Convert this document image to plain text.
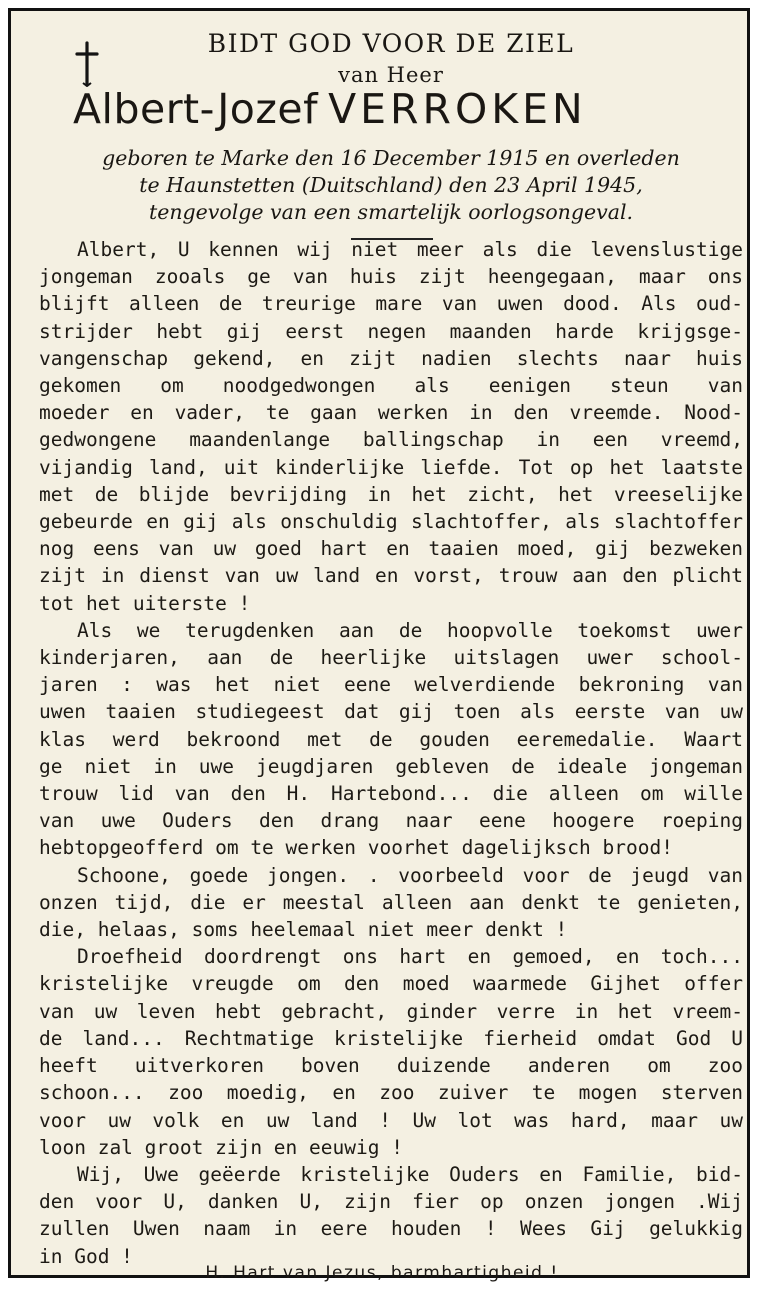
BIDT GOD VOOR DE ZIEL
van Heer
Albert-Jozef VERROKEN
geboren te Marke den 16 December 1915 en overleden
te Haunstetten (Duitschland) den 23 April 1945,
tengevolge van een smartelijk oorlogsongeval.
Albert, U kennen wij niet meer als die levenslustige
jongeman zooals ge van huis zijt heengegaan, maar ons
blijft alleen de treurige mare van uwen dood. Als oud-
strijder hebt gij eerst negen maanden harde krijgsge-
vangenschap gekend, en zijt nadien slechts naar huis
gekomen om noodgedwongen als eenigen steun van
moeder en vader, te gaan werken in den vreemde. Nood-
gedwongene maandenlange ballingschap in een vreemd,
vijandig land, uit kinderlijke liefde. Tot op het laatste
met de blijde bevrijding in het zicht, het vreeselijke
gebeurde en gij als onschuldig slachtoffer, als slachtoffer
nog eens van uw goed hart en taaien moed, gij bezweken
zijt in dienst van uw land en vorst, trouw aan den plicht
tot het uiterste !
Als we terugdenken aan de hoopvolle toekomst uwer
kinderjaren, aan de heerlijke uitslagen uwer school-
jaren : was het niet eene welverdiende bekroning van
uwen taaien studiegeest dat gij toen als eerste van uw
klas werd bekroond met de gouden eeremedalie. Waart
ge niet in uwe jeugdjaren gebleven de ideale jongeman
trouw lid van den H. Hartebond... die alleen om wille
van uwe Ouders den drang naar eene hoogere roeping
hebtopgeofferd om te werken voorhet dagelijksch brood!
Schoone, goede jongen. . voorbeeld voor de jeugd van
onzen tijd, die er meestal alleen aan denkt te genieten,
die, helaas, soms heelemaal niet meer denkt !
Droefheid doordrengt ons hart en gemoed, en toch...
kristelijke vreugde om den moed waarmede Gijhet offer
van uw leven hebt gebracht, ginder verre in het vreem-
de land... Rechtmatige kristelijke fierheid omdat God U
heeft uitverkoren boven duizende anderen om zoo
schoon... zoo moedig, en zoo zuiver te mogen sterven
voor uw volk en uw land ! Uw lot was hard, maar uw
loon zal groot zijn en eeuwig !
Wij, Uwe geëerde kristelijke Ouders en Familie, bid-
den voor U, danken U, zijn fier op onzen jongen .Wij
zullen Uwen naam in eere houden ! Wees Gij gelukkig
in God !
H. Hart van Jezus, barmhartigheid !
